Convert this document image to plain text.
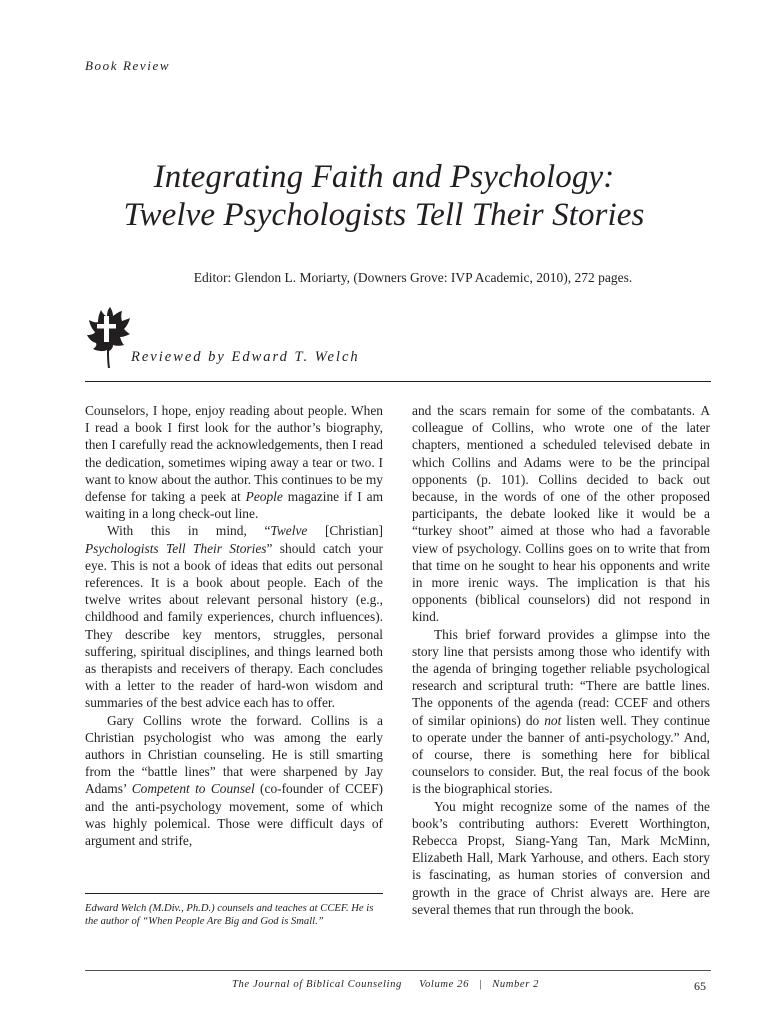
Book Review

Integrating Faith and Psychology:
Twelve Psychologists Tell Their Stories

Editor: Glendon L. Moriarty, (Downers Grove: IVP Academic, 2010), 272 pages.

Reviewed by Edward T. Welch

Counselors, I hope, enjoy reading about people. When I read a book I first look for the author’s biography, then I carefully read the acknowledgements, then I read the dedication, sometimes wiping away a tear or two. I want to know about the author. This continues to be my defense for taking a peek at People magazine if I am waiting in a long check-out line.

With this in mind, “Twelve [Christian] Psychologists Tell Their Stories” should catch your eye. This is not a book of ideas that edits out personal references. It is a book about people. Each of the twelve writes about relevant personal history (e.g., childhood and family experiences, church influences). They describe key mentors, struggles, personal suffering, spiritual disciplines, and things learned both as therapists and receivers of therapy. Each concludes with a letter to the reader of hard-won wisdom and summaries of the best advice each has to offer.

Gary Collins wrote the forward. Collins is a Christian psychologist who was among the early authors in Christian counseling. He is still smarting from the “battle lines” that were sharpened by Jay Adams’ Competent to Counsel (co-founder of CCEF) and the anti-psychology movement, some of which was highly polemical. Those were difficult days of argument and strife,

and the scars remain for some of the combatants. A colleague of Collins, who wrote one of the later chapters, mentioned a scheduled televised debate in which Collins and Adams were to be the principal opponents (p. 101). Collins decided to back out because, in the words of one of the other proposed participants, the debate looked like it would be a “turkey shoot” aimed at those who had a favorable view of psychology. Collins goes on to write that from that time on he sought to hear his opponents and write in more irenic ways. The implication is that his opponents (biblical counselors) did not respond in kind.

This brief forward provides a glimpse into the story line that persists among those who identify with the agenda of bringing together reliable psychological research and scriptural truth: “There are battle lines. The opponents of the agenda (read: CCEF and others of similar opinions) do not listen well. They continue to operate under the banner of anti-psychology.” And, of course, there is something here for biblical counselors to consider. But, the real focus of the book is the biographical stories.

You might recognize some of the names of the book’s contributing authors: Everett Worthington, Rebecca Propst, Siang-Yang Tan, Mark McMinn, Elizabeth Hall, Mark Yarhouse, and others. Each story is fascinating, as human stories of conversion and growth in the grace of Christ always are. Here are several themes that run through the book.

Edward Welch (M.Div., Ph.D.) counsels and teaches at CCEF. He is the author of “When People Are Big and God is Small.”

The Journal of Biblical Counseling Volume 26 | Number 2	65
